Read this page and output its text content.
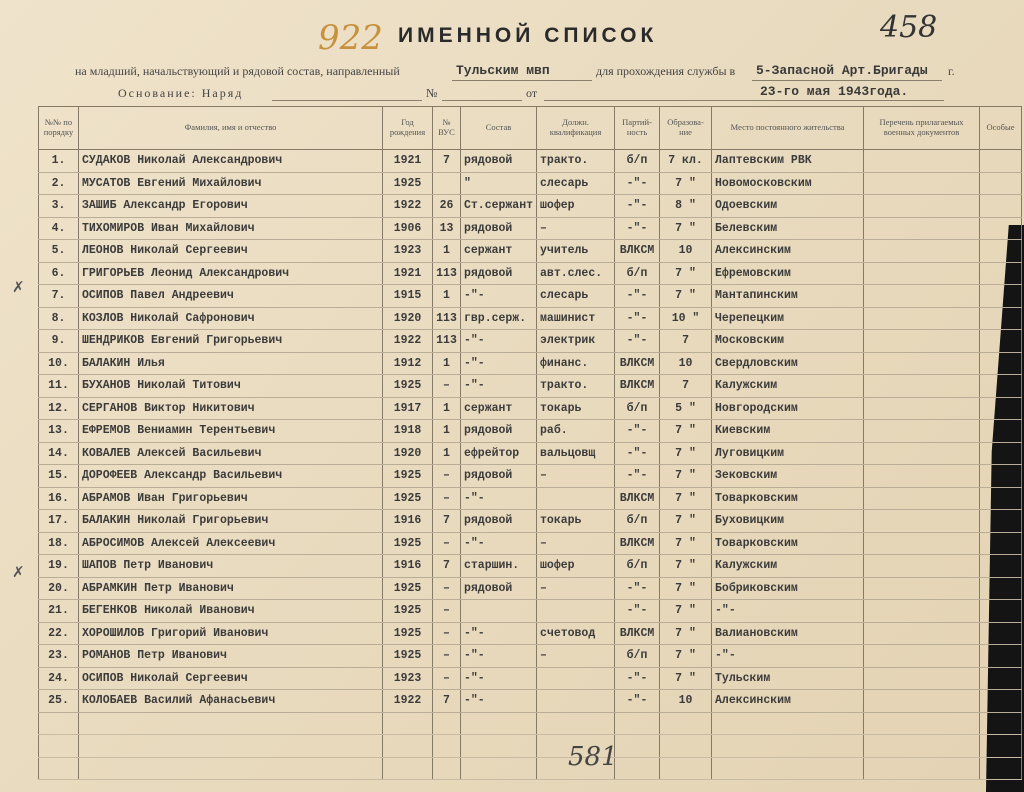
922 ИМЕННОЙ СПИСОК	458
на младший, начальствующий и рядовой состав, направленный	Тульским мвп	для прохождения службы в 5-Запасной Арт.Бригады г.
Основание: Наряд	№	от	23-го мая 1943года.
№№ по порядку	Фамилия, имя и отчество	Год рождения	№ ВУС	Состав	Должн. квалификация	Партий- ность	Образова- ние	Место постоянного жительства	Перечень прилагаемых военных документов	Особые
1.	СУДАКОВ Николай Александрович	1921	7	рядовой	тракто.	б/п	7 кл.	Лаптевским РВК		
2.	МУСАТОВ Евгений Михайлович	1925		"	слесарь	-"-	7 "	Новомосковским		
3.	ЗАШИБ Александр Егорович	1922	26	Ст.сержант	шофер	-"-	8 "	Одоевским		
4.	ТИХОМИРОВ Иван Михайлович	1906	13	рядовой	–	-"-	7 "	Белевским		
5.	ЛЕОНОВ Николай Сергеевич	1923	1	сержант	учитель	ВЛКСМ	10	Алексинским		
6.	ГРИГОРЬЕВ Леонид Александрович	1921	113	рядовой	авт.слес.	б/п	7 "	Ефремовским		
7.	ОСИПОВ Павел Андреевич	1915	1	-"-	слесарь	-"-	7 "	Мантапинским		
8.	КОЗЛОВ Николай Сафронович	1920	113	гвр.серж.	машинист	-"-	10 "	Черепецким		
9.	ШЕНДРИКОВ Евгений Григорьевич	1922	113	-"-	электрик	-"-	7	Московским		
10.	БАЛАКИН Илья	1912	1	-"-	финанс.	ВЛКСМ	10	Свердловским		
11.	БУХАНОВ Николай Титович	1925	–	-"-	тракто.	ВЛКСМ	7	Калужским		
12.	СЕРГАНОВ Виктор Никитович	1917	1	сержант	токарь	б/п	5 "	Новгородским		
13.	ЕФРЕМОВ Вениамин Терентьевич	1918	1	рядовой	раб.	-"-	7 "	Киевским		
14.	КОВАЛЕВ Алексей Васильевич	1920	1	ефрейтор	вальцовщ	-"-	7 "	Луговицким		
15.	ДОРОФЕЕВ Александр Васильевич	1925	–	рядовой	–	-"-	7 "	Зековским		
16.	АБРАМОВ Иван Григорьевич	1925	–	-"-		ВЛКСМ	7 "	Товарковским		
17.	БАЛАКИН Николай Григорьевич	1916	7	рядовой	токарь	б/п	7 "	Буховицким		
18.	АБРОСИМОВ Алексей Алексеевич	1925	–	-"-	–	ВЛКСМ	7 "	Товарковским		
19.	ШАПОВ Петр Иванович	1916	7	старшин.	шофер	б/п	7 "	Калужским		
20.	АБРАМКИН Петр Иванович	1925	–	рядовой	–	-"-	7 "	Бобриковским		
21.	БЕГЕНКОВ Николай Иванович	1925	–			-"-	7 "	-"-		
22.	ХОРОШИЛОВ Григорий Иванович	1925	–	-"-	счетовод	ВЛКСМ	7 "	Валиановским		
23.	РОМАНОВ Петр Иванович	1925	–	-"-	–	б/п	7 "	-"-		
24.	ОСИПОВ Николай Сергеевич	1923	–	-"-		-"-	7 "	Тульским		
25.	КОЛОБАЕВ Василий Афанасьевич	1922	7	-"-		-"-	10	Алексинским		

✗
✗
581
